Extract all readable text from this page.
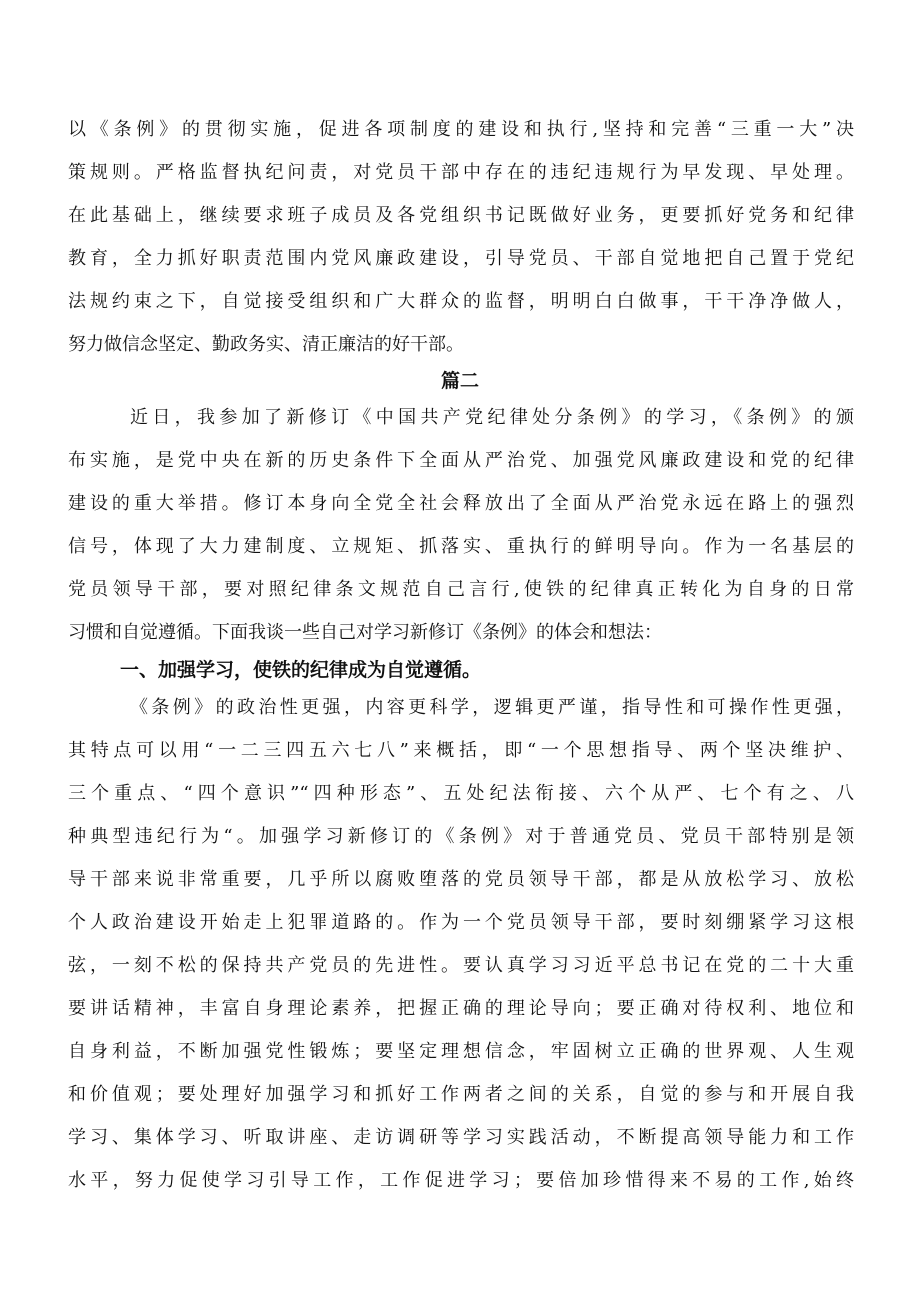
以《条例》的贯彻实施，促进各项制度的建设和执行,坚持和完善“三重一大”决
策规则。严格监督执纪问责，对党员干部中存在的违纪违规行为早发现、早处理。
在此基础上，继续要求班子成员及各党组织书记既做好业务，更要抓好党务和纪律
教育，全力抓好职责范围内党风廉政建设，引导党员、干部自觉地把自己置于党纪
法规约束之下，自觉接受组织和广大群众的监督，明明白白做事，干干净净做人，
努力做信念坚定、勤政务实、清正廉洁的好干部。
篇二
近日，我参加了新修订《中国共产党纪律处分条例》的学习，《条例》的颁
布实施，是党中央在新的历史条件下全面从严治党、加强党风廉政建设和党的纪律
建设的重大举措。修订本身向全党全社会释放出了全面从严治党永远在路上的强烈
信号，体现了大力建制度、立规矩、抓落实、重执行的鲜明导向。作为一名基层的
党员领导干部，要对照纪律条文规范自己言行,使铁的纪律真正转化为自身的日常
习惯和自觉遵循。下面我谈一些自己对学习新修订《条例》的体会和想法：
一、加强学习，使铁的纪律成为自觉遵循。
《条例》的政治性更强，内容更科学，逻辑更严谨，指导性和可操作性更强，
其特点可以用“一二三四五六七八”来概括，即“一个思想指导、两个坚决维护、
三个重点、“四个意识”“四种形态”、五处纪法衔接、六个从严、七个有之、八
种典型违纪行为“。加强学习新修订的《条例》对于普通党员、党员干部特别是领
导干部来说非常重要，几乎所以腐败堕落的党员领导干部，都是从放松学习、放松
个人政治建设开始走上犯罪道路的。作为一个党员领导干部，要时刻绷紧学习这根
弦，一刻不松的保持共产党员的先进性。要认真学习习近平总书记在党的二十大重
要讲话精神，丰富自身理论素养，把握正确的理论导向；要正确对待权利、地位和
自身利益，不断加强党性锻炼；要坚定理想信念，牢固树立正确的世界观、人生观
和价值观；要处理好加强学习和抓好工作两者之间的关系，自觉的参与和开展自我
学习、集体学习、听取讲座、走访调研等学习实践活动，不断提高领导能力和工作
水平，努力促使学习引导工作，工作促进学习；要倍加珍惜得来不易的工作,始终
